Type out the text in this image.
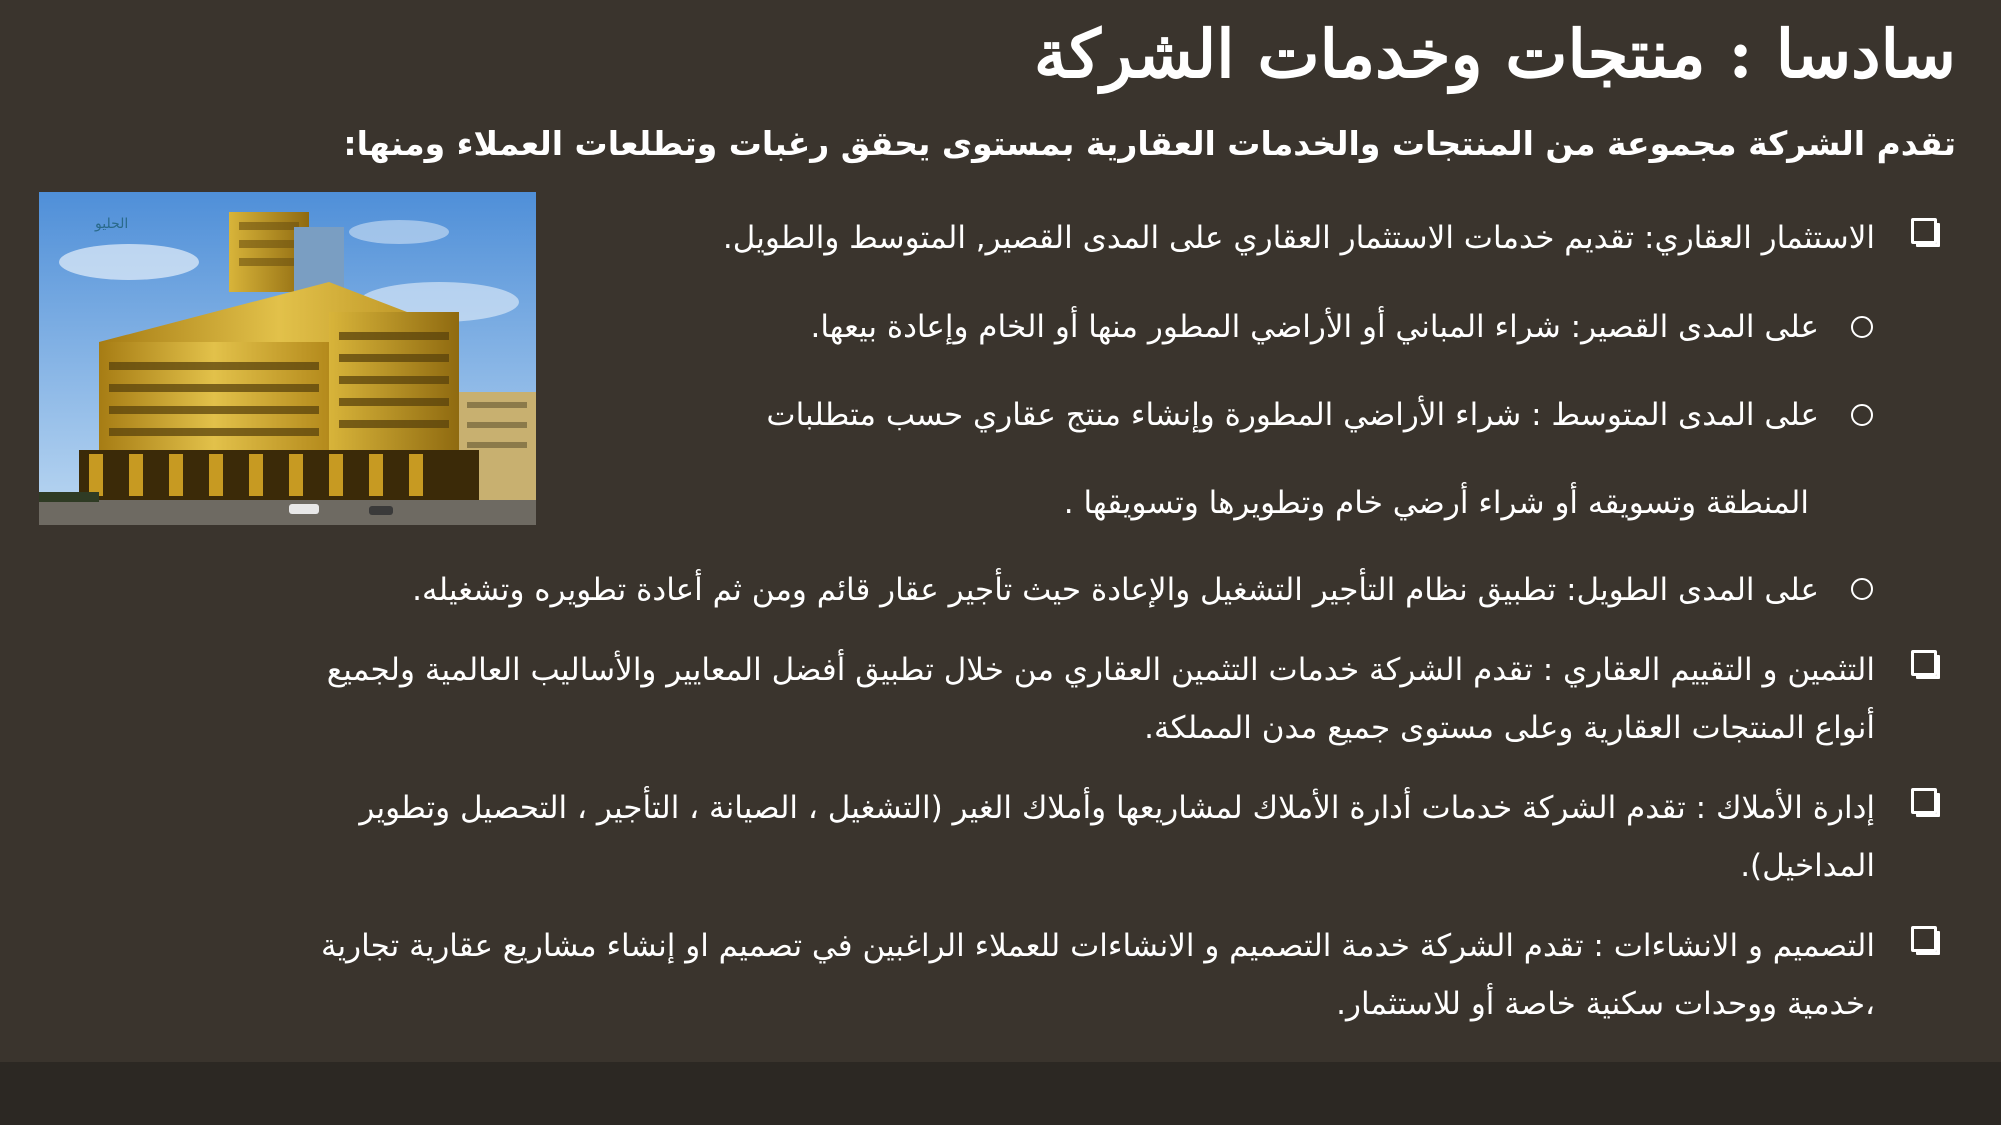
سادسا : منتجات وخدمات الشركة

تقدم الشركة مجموعة من المنتجات والخدمات العقارية بمستوى يحقق رغبات وتطلعات العملاء ومنها:

الحليو	الاستثمار العقاري: تقديم خدمات الاستثمار العقاري على المدى القصير, المتوسط والطويل.
على المدى القصير: شراء المباني أو الأراضي المطور منها أو الخام وإعادة بيعها.
على المدى المتوسط : شراء الأراضي المطورة وإنشاء منتج عقاري حسب متطلبات
المنطقة وتسويقه أو شراء أرضي خام وتطويرها وتسويقها .
على المدى الطويل: تطبيق نظام التأجير التشغيل والإعادة حيث تأجير عقار قائم ومن ثم أعادة تطويره وتشغيله.
التثمين و التقييم العقاري : تقدم الشركة خدمات التثمين العقاري من خلال تطبيق أفضل المعايير والأساليب العالمية ولجميع
أنواع المنتجات العقارية وعلى مستوى جميع مدن المملكة.
إدارة الأملاك : تقدم الشركة خدمات أدارة الأملاك لمشاريعها وأملاك الغير (التشغيل ، الصيانة ، التأجير ، التحصيل وتطوير
المداخيل).
التصميم و الانشاءات : تقدم الشركة خدمة التصميم و الانشاءات للعملاء الراغبين في تصميم او إنشاء مشاريع عقارية تجارية
،خدمية ووحدات سكنية خاصة أو للاستثمار.
